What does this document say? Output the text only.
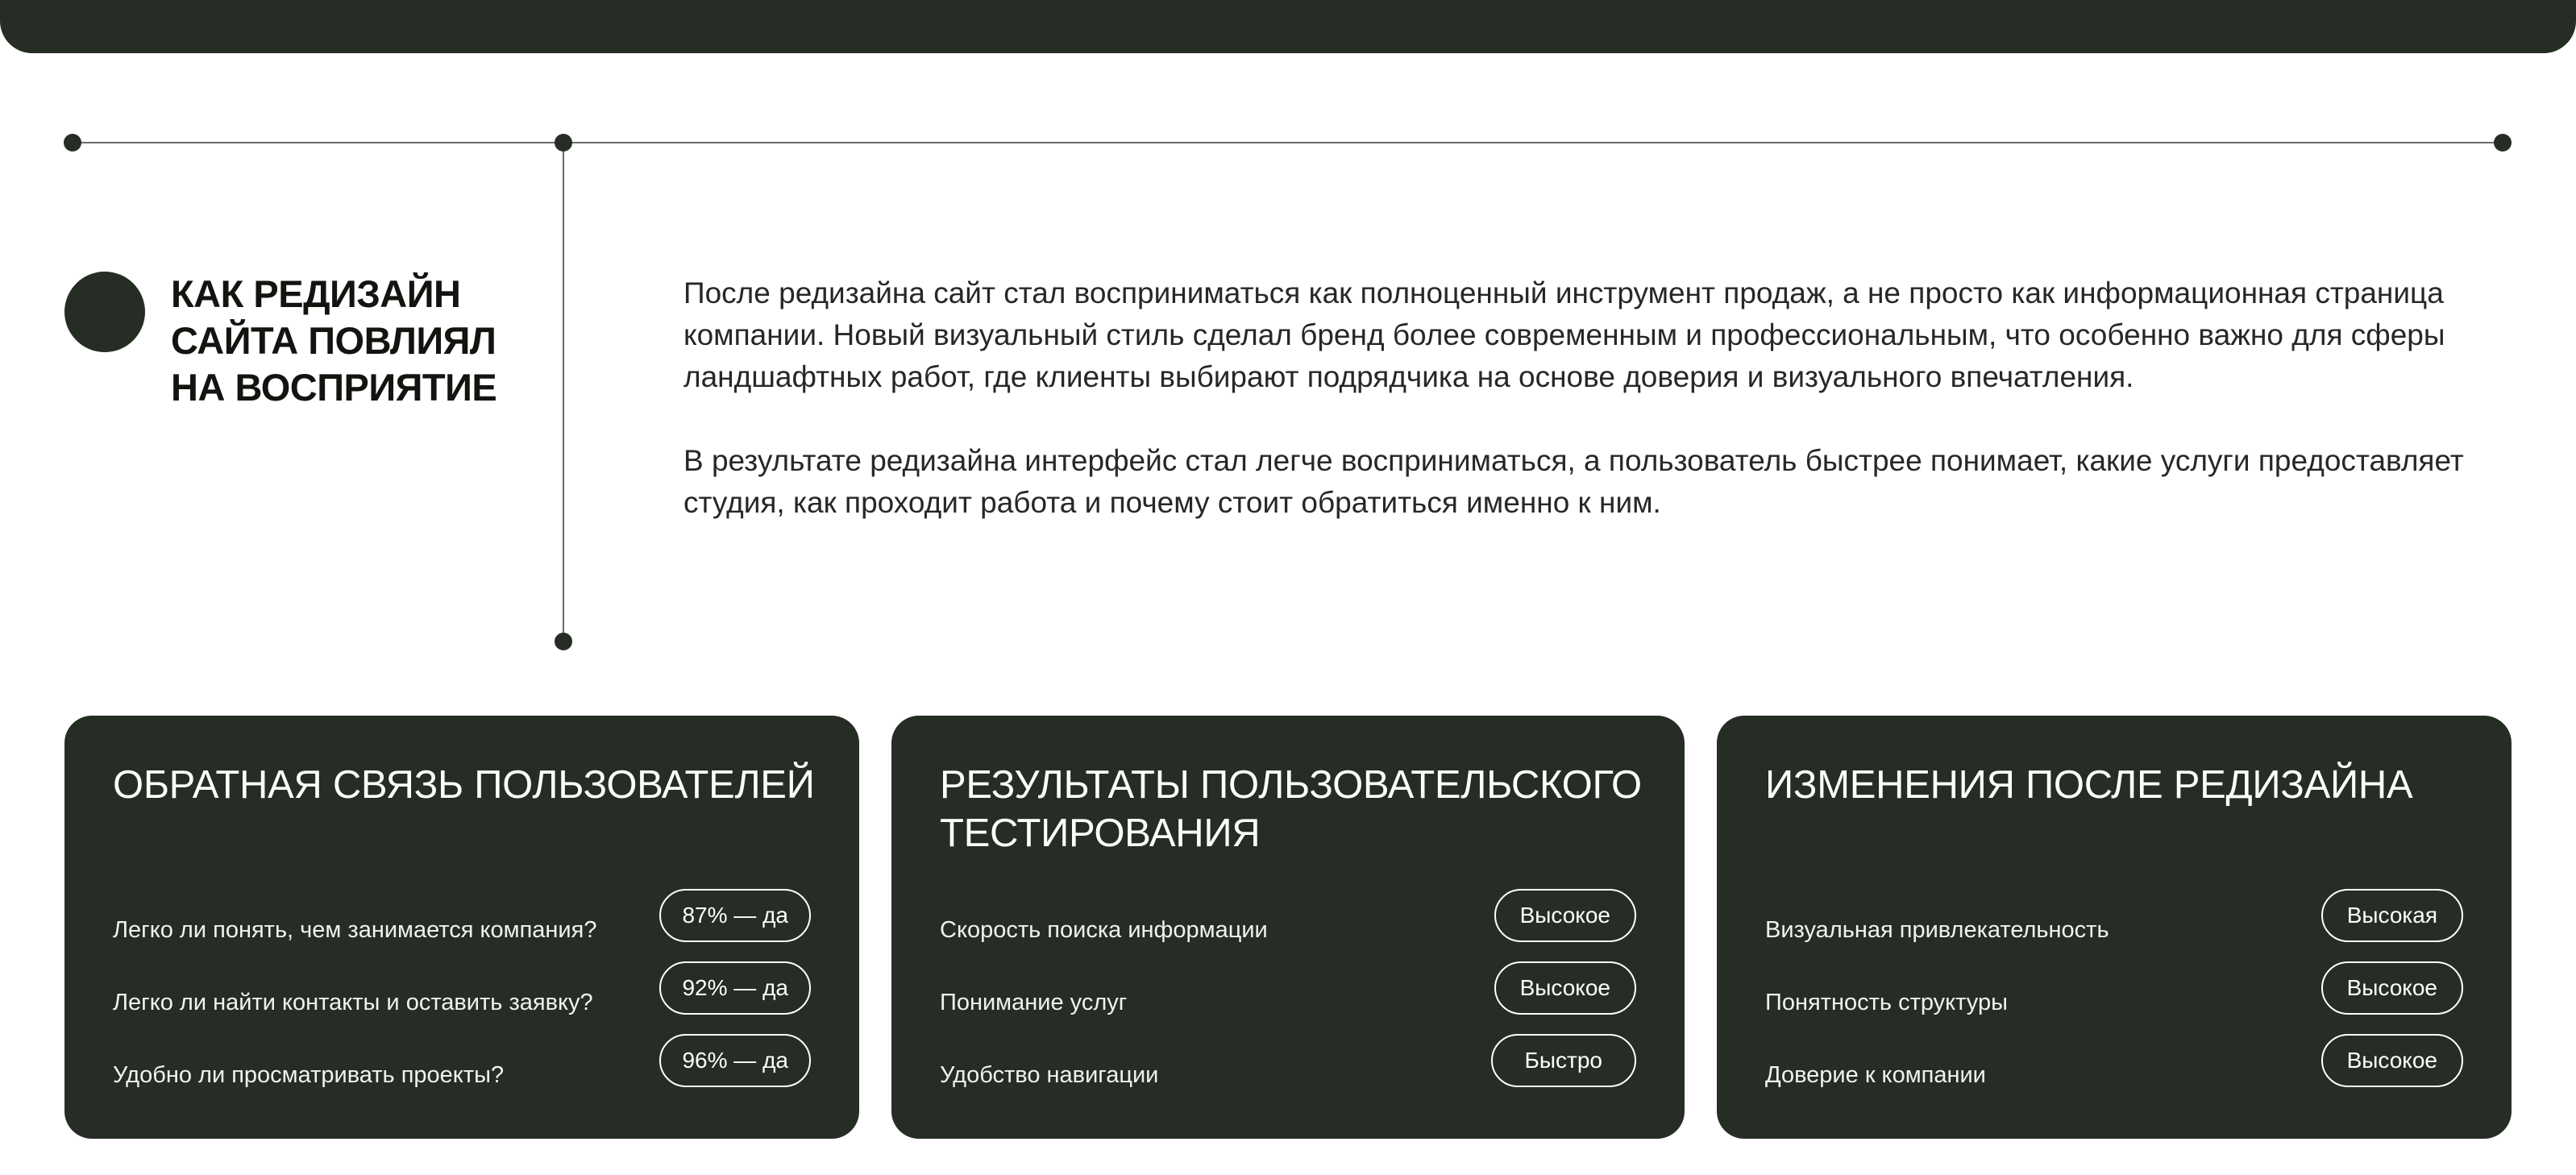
КАК РЕДИЗАЙН САЙТА ПОВЛИЯЛ НА ВОСПРИЯТИЕ

После редизайна сайт стал восприниматься как полноценный инструмент продаж, а не просто как информационная страница компании. Новый визуальный стиль сделал бренд более современным и профессиональным, что особенно важно для сферы ландшафтных работ, где клиенты выбирают подрядчика на основе доверия и визуального впечатления.

В результате редизайна интерфейс стал легче восприниматься, а пользователь быстрее понимает, какие услуги предоставляет студия, как проходит работа и почему стоит обратиться именно к ним.

ОБРАТНАЯ СВЯЗЬ ПОЛЬЗОВАТЕЛЕЙ
Легко ли понять, чем занимается компания?
87% — да
Легко ли найти контакты и оставить заявку?
92% — да
Удобно ли просматривать проекты?
96% — да
РЕЗУЛЬТАТЫ ПОЛЬЗОВАТЕЛЬСКОГО ТЕСТИРОВАНИЯ
Скорость поиска информации
Высокое
Понимание услуг
Высокое
Удобство навигации
Быстро
ИЗМЕНЕНИЯ ПОСЛЕ РЕДИЗАЙНА
Визуальная привлекательность
Высокая
Понятность структуры
Высокое
Доверие к компании
Высокое
